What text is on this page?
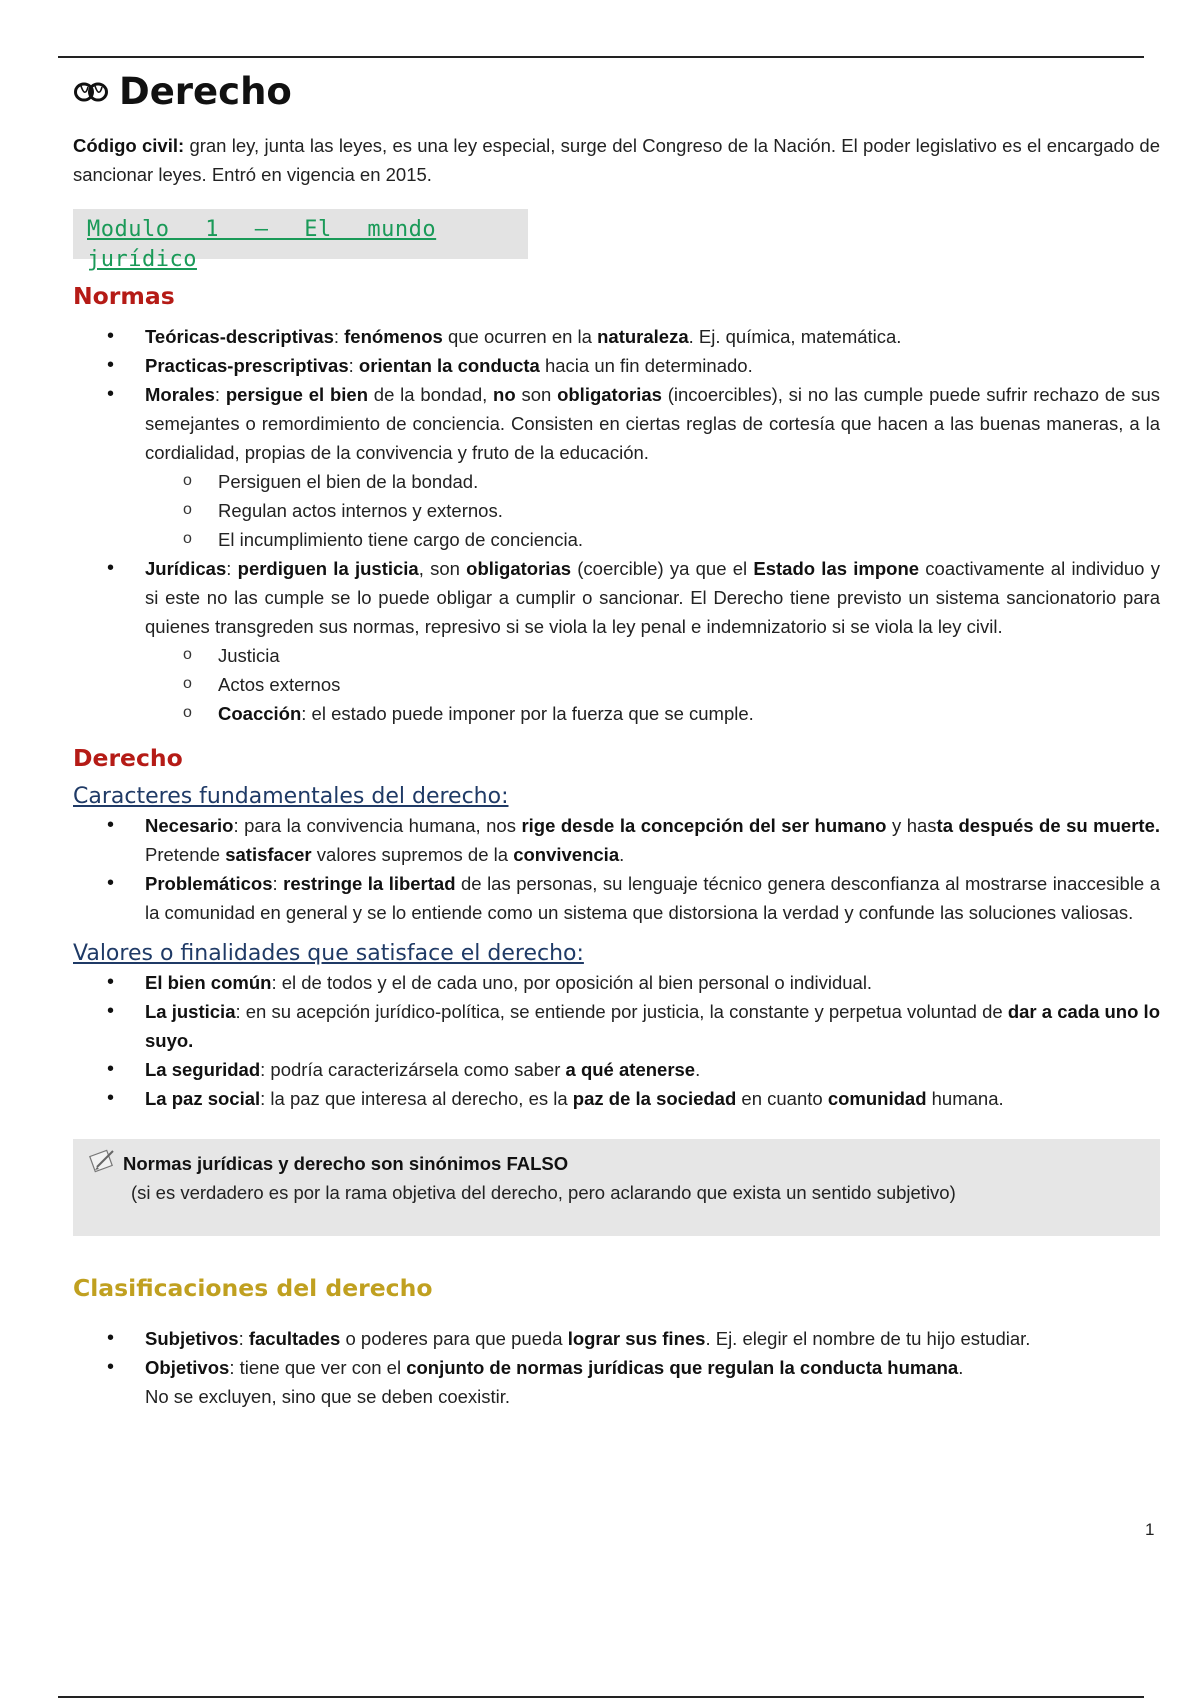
Derecho

Código civil: gran ley, junta las leyes, es una ley especial, surge del Congreso de la Nación. El poder legislativo es el encargado de sancionar leyes. Entró en vigencia en 2015.

Modulo 1 – El mundo jurídico
Normas
• Teóricas-descriptivas: fenómenos que ocurren en la naturaleza. Ej. química, matemática.
• Practicas-prescriptivas: orientan la conducta hacia un fin determinado.
• Morales: persigue el bien de la bondad, no son obligatorias (incoercibles), si no las cumple puede sufrir rechazo de sus semejantes o remordimiento de conciencia. Consisten en ciertas reglas de cortesía que hacen a las buenas maneras, a la cordialidad, propias de la convivencia y fruto de la educación.
o Persiguen el bien de la bondad.
o Regulan actos internos y externos.
o El incumplimiento tiene cargo de conciencia.
• Jurídicas: perdiguen la justicia, son obligatorias (coercible) ya que el Estado las impone coactivamente al individuo y si este no las cumple se lo puede obligar a cumplir o sancionar. El Derecho tiene previsto un sistema sancionatorio para quienes transgreden sus normas, represivo si se viola la ley penal e indemnizatorio si se viola la ley civil.
o Justicia
o Actos externos
o Coacción: el estado puede imponer por la fuerza que se cumple.
Derecho
Caracteres fundamentales del derecho:
• Necesario: para la convivencia humana, nos rige desde la concepción del ser humano y hasta después de su muerte. Pretende satisfacer valores supremos de la convivencia.
• Problemáticos: restringe la libertad de las personas, su lenguaje técnico genera desconfianza al mostrarse inaccesible a la comunidad en general y se lo entiende como un sistema que distorsiona la verdad y confunde las soluciones valiosas.
Valores o finalidades que satisface el derecho:
• El bien común: el de todos y el de cada uno, por oposición al bien personal o individual.
• La justicia: en su acepción jurídico-política, se entiende por justicia, la constante y perpetua voluntad de dar a cada uno lo suyo.
• La seguridad: podría caracterizársela como saber a qué atenerse.
• La paz social: la paz que interesa al derecho, es la paz de la sociedad en cuanto comunidad humana.
Normas jurídicas y derecho son sinónimos FALSO
(si es verdadero es por la rama objetiva del derecho, pero aclarando que exista un sentido subjetivo)
Clasificaciones del derecho
• Subjetivos: facultades o poderes para que pueda lograr sus fines. Ej. elegir el nombre de tu hijo estudiar.
• Objetivos: tiene que ver con el conjunto de normas jurídicas que regulan la conducta humana.
No se excluyen, sino que se deben coexistir.
1
